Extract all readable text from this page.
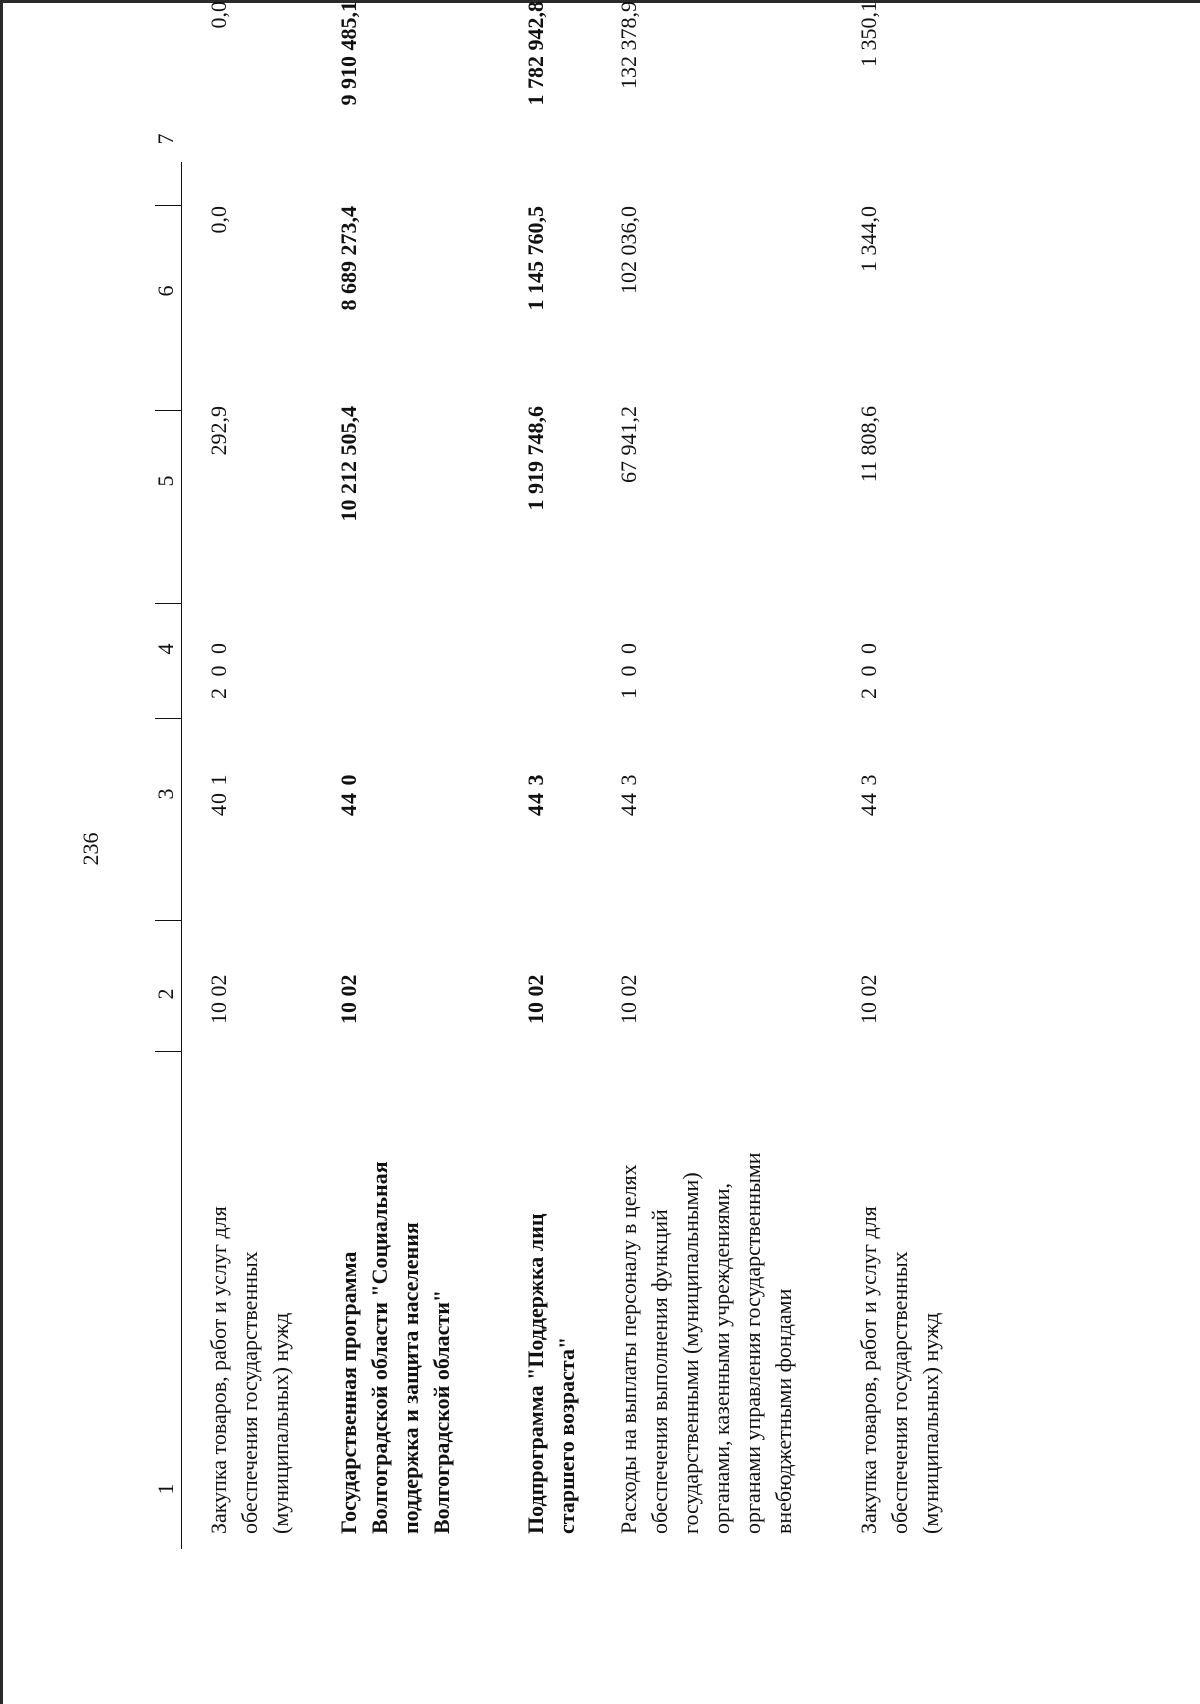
236
1
2
3
4
5
6
7
Закупка товаров, работ и услуг для обеспечения государственных (муниципальных) нужд
10 02
40 1
2 0 0
292,9
0,0
0,0
Государственная программа Волгоградской области "Социальная поддержка и защита населения Волгоградской области"
10 02
44 0
10 212 505,4
8 689 273,4
9 910 485,1
Подпрограмма "Поддержка лиц старшего возраста"
10 02
44 3
1 919 748,6
1 145 760,5
1 782 942,8
Расходы на выплаты персоналу в целях обеспечения выполнения функций государственными (муниципальными) органами, казенными учреждениями, органами управления государственными внебюджетными фондами
10 02
44 3
1 0 0
67 941,2
102 036,0
132 378,9
Закупка товаров, работ и услуг для обеспечения государственных (муниципальных) нужд
10 02
44 3
2 0 0
11 808,6
1 344,0
1 350,1
